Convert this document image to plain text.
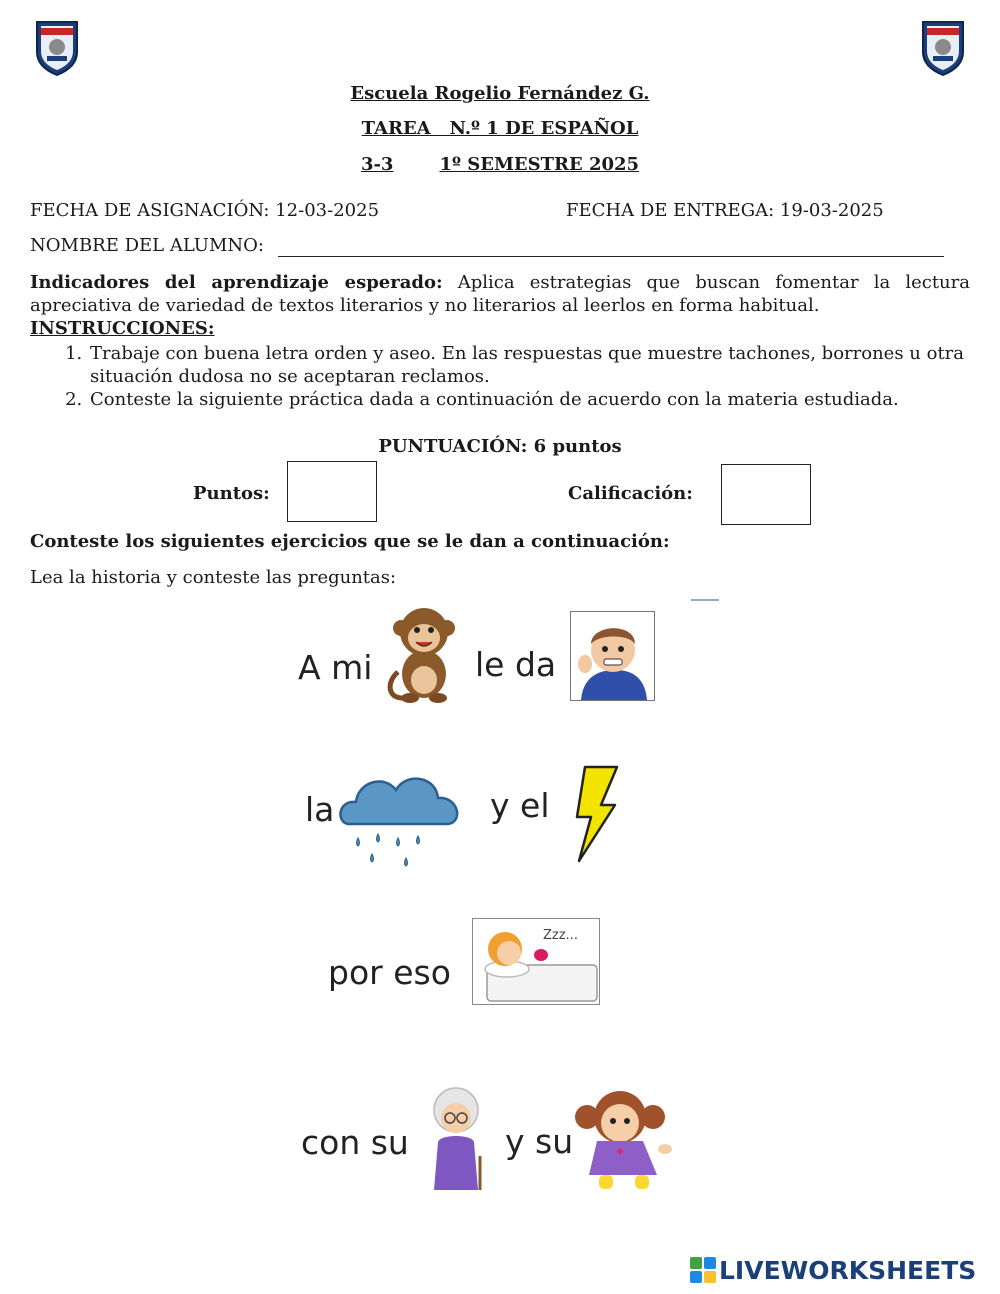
Escuela Rogelio Fernández G.
TAREA   N.º 1 DE ESPAÑOL
3-3	1º SEMESTRE 2025
FECHA DE ASIGNACIÓN: 12-03-2025	FECHA DE ENTREGA: 19-03-2025
NOMBRE DEL ALUMNO:
Indicadores del aprendizaje esperado: Aplica estrategias que buscan fomentar la lectura apreciativa de variedad de textos literarios y no literarios al leerlos en forma habitual.
INSTRUCCIONES:
1. Trabaje con buena letra orden y aseo. En las respuestas que muestre tachones, borrones u otra situación dudosa no se aceptaran reclamos.
2. Conteste la siguiente práctica dada a continuación de acuerdo con la materia estudiada.
PUNTUACIÓN: 6 puntos
Puntos:	Calificación:
Conteste los siguientes ejercicios que se le dan a continuación:
Lea la historia y conteste las preguntas:
A mi	le da
la	y el
por eso
Zzz...
con su	y su
LIVEWORKSHEETS
